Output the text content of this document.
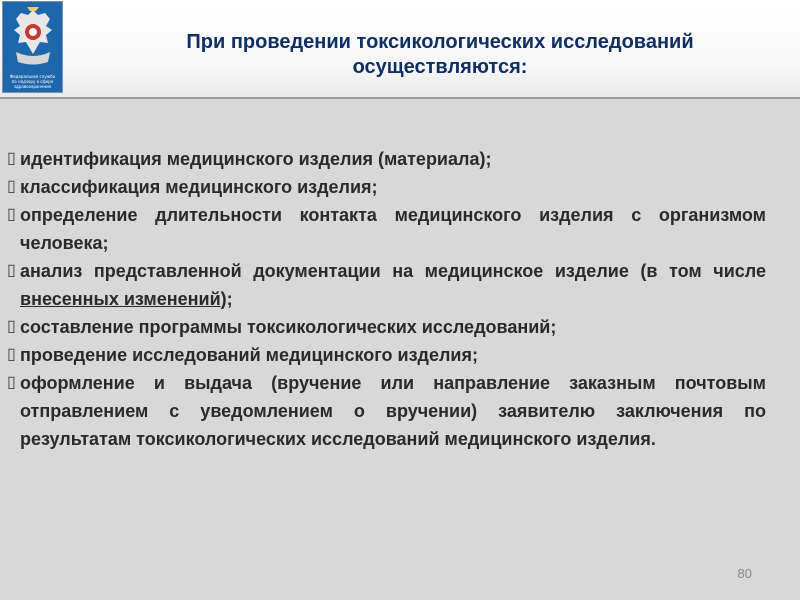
Федеральная служба
по надзору в сфере
здравоохранения
При проведении токсикологических исследований
осуществляются:
▯ идентификация медицинского изделия (материала);
▯ классификация медицинского изделия;
▯ определение длительности контакта медицинского изделия с организмом человека;
▯ анализ представленной документации на медицинское изделие (в том числе внесенных изменений);
▯ составление программы токсикологических исследований;
▯ проведение исследований медицинского изделия;
▯ оформление и выдача (вручение или направление заказным почтовым отправлением с уведомлением о вручении) заявителю заключения по результатам токсикологических исследований медицинского изделия.
80
